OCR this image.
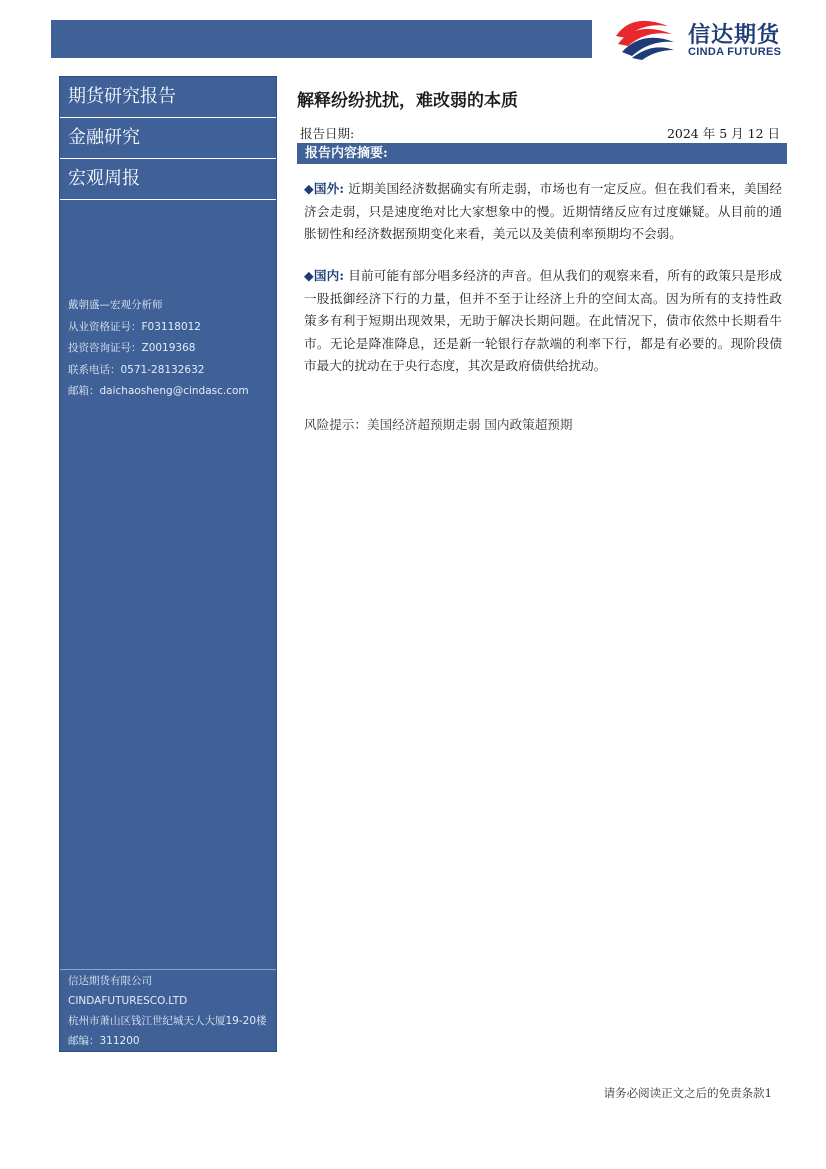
信达期货
CINDA FUTURES
期货研究报告
金融研究
宏观周报
戴朝盛—宏观分析师
从业资格证号：F03118012
投资咨询证号：Z0019368
联系电话：0571-28132632
邮箱：daichaosheng@cindasc.com
信达期货有限公司
CINDAFUTURESCO.LTD
杭州市萧山区钱江世纪城天人大厦19-20楼
邮编：311200
解释纷纷扰扰，难改弱的本质
报告日期:	2024 年 5 月 12 日
报告内容摘要:
◆国外: 近期美国经济数据确实有所走弱，市场也有一定反应。但在我们看来，美国经济会走弱，只是速度绝对比大家想象中的慢。近期情绪反应有过度嫌疑。从目前的通胀韧性和经济数据预期变化来看，美元以及美债利率预期均不会弱。
◆国内: 目前可能有部分唱多经济的声音。但从我们的观察来看，所有的政策只是形成一股抵御经济下行的力量，但并不至于让经济上升的空间太高。因为所有的支持性政策多有利于短期出现效果，无助于解决长期问题。在此情况下，债市依然中长期看牛市。无论是降准降息，还是新一轮银行存款端的利率下行，都是有必要的。现阶段债市最大的扰动在于央行态度，其次是政府债供给扰动。
风险提示：美国经济超预期走弱 国内政策超预期
请务必阅读正文之后的免责条款1
